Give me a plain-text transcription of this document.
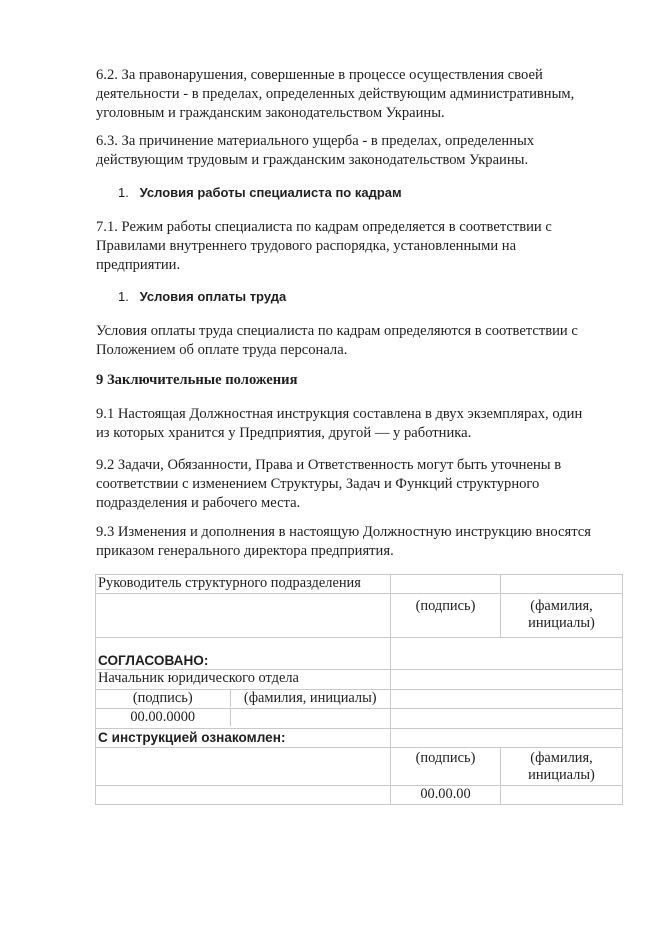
6.2. За правонарушения, совершенные в процессе осуществления своей
деятельности - в пределах, определенных действующим административным,
уголовным и гражданским законодательством Украины.

6.3. За причинение материального ущерба - в пределах, определенных
действующим трудовым и гражданским законодательством Украины.

1. Условия работы специалиста по кадрам

7.1. Режим работы специалиста по кадрам определяется в соответствии с
Правилами внутреннего трудового распорядка, установленными на
предприятии.

1. Условия оплаты труда

Условия оплаты труда специалиста по кадрам определяются в соответствии с
Положением об оплате труда персонала.

9 Заключительные положения

9.1 Настоящая Должностная инструкция составлена в двух экземплярах, один
из которых хранится у Предприятия, другой — у работника.

9.2 Задачи, Обязанности, Права и Ответственность могут быть уточнены в
соответствии с изменением Структуры, Задач и Функций структурного
подразделения и рабочего места.

9.3 Изменения и дополнения в настоящую Должностную инструкцию вносятся
приказом генерального директора предприятия.

Руководитель структурного подразделения		
	(подпись)	(фамилия,
инициалы)

СОГЛАСОВАНО:	
Начальник юридического отдела	

(подпись)	(фамилия, инициалы)

00.00.0000	

С инструкцией ознакомлен:	
	(подпись)	(фамилия,
инициалы)

	00.00.00	
